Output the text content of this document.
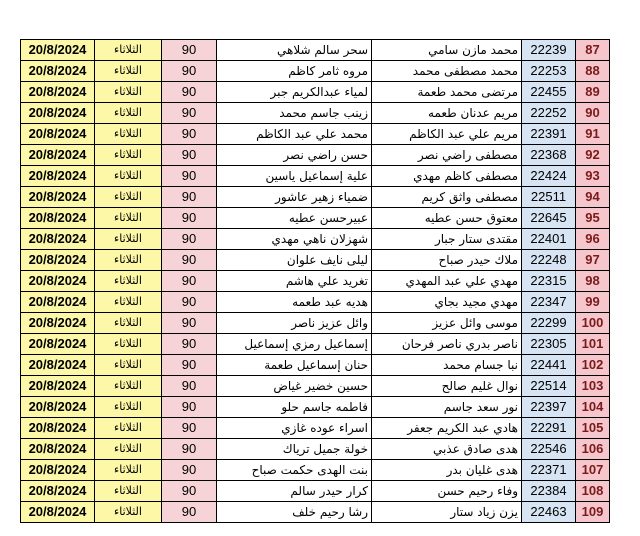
20/8/2024	الثلاثاء	90	سحر سالم شلاهي	محمد مازن سامي	22239	87
20/8/2024	الثلاثاء	90	مروه ثامر كاظم	محمد مصطفى محمد	22253	88
20/8/2024	الثلاثاء	90	لمياء عبدالكريم جبر	مرتضى محمد طعمة	22455	89
20/8/2024	الثلاثاء	90	زينب جاسم محمد	مريم عدنان طعمه	22252	90
20/8/2024	الثلاثاء	90	محمد علي عبد الكاظم	مريم علي عبد الكاظم	22391	91
20/8/2024	الثلاثاء	90	حسن راضي نصر	مصطفى راضي نصر	22368	92
20/8/2024	الثلاثاء	90	علية إسماعيل ياسين	مصطفى كاظم مهدي	22424	93
20/8/2024	الثلاثاء	90	ضمياء زهير عاشور	مصطفى واثق كريم	22511	94
20/8/2024	الثلاثاء	90	عبيرحسن عطيه	معتوق حسن عطيه	22645	95
20/8/2024	الثلاثاء	90	شهزلان ناهي مهدي	مقتدى ستار جبار	22401	96
20/8/2024	الثلاثاء	90	ليلى نايف علوان	ملاك حيدر صباح	22248	97
20/8/2024	الثلاثاء	90	تغريد علي هاشم	مهدي علي عبد المهدي	22315	98
20/8/2024	الثلاثاء	90	هديه عبد طعمه	مهدي مجيد بجاي	22347	99
20/8/2024	الثلاثاء	90	وائل عزيز ناصر	موسى وائل عزيز	22299	100
20/8/2024	الثلاثاء	90	إسماعيل رمزي إسماعيل	ناصر بدري ناصر فرحان	22305	101
20/8/2024	الثلاثاء	90	حنان إسماعيل طعمة	نبا جسام محمد	22441	102
20/8/2024	الثلاثاء	90	حسين خضير غياض	نوال غليم صالح	22514	103
20/8/2024	الثلاثاء	90	فاطمه جاسم حلو	نور سعد جاسم	22397	104
20/8/2024	الثلاثاء	90	اسراء عوده غازي	هادي عبد الكريم جعفر	22291	105
20/8/2024	الثلاثاء	90	خولة جميل ترياك	هدى صادق عذبي	22546	106
20/8/2024	الثلاثاء	90	بنت الهدى حكمت صباح	هدى غليان بدر	22371	107
20/8/2024	الثلاثاء	90	كرار حيدر سالم	وفاء رحيم حسن	22384	108
20/8/2024	الثلاثاء	90	رشا رحيم خلف	يزن زياد ستار	22463	109
